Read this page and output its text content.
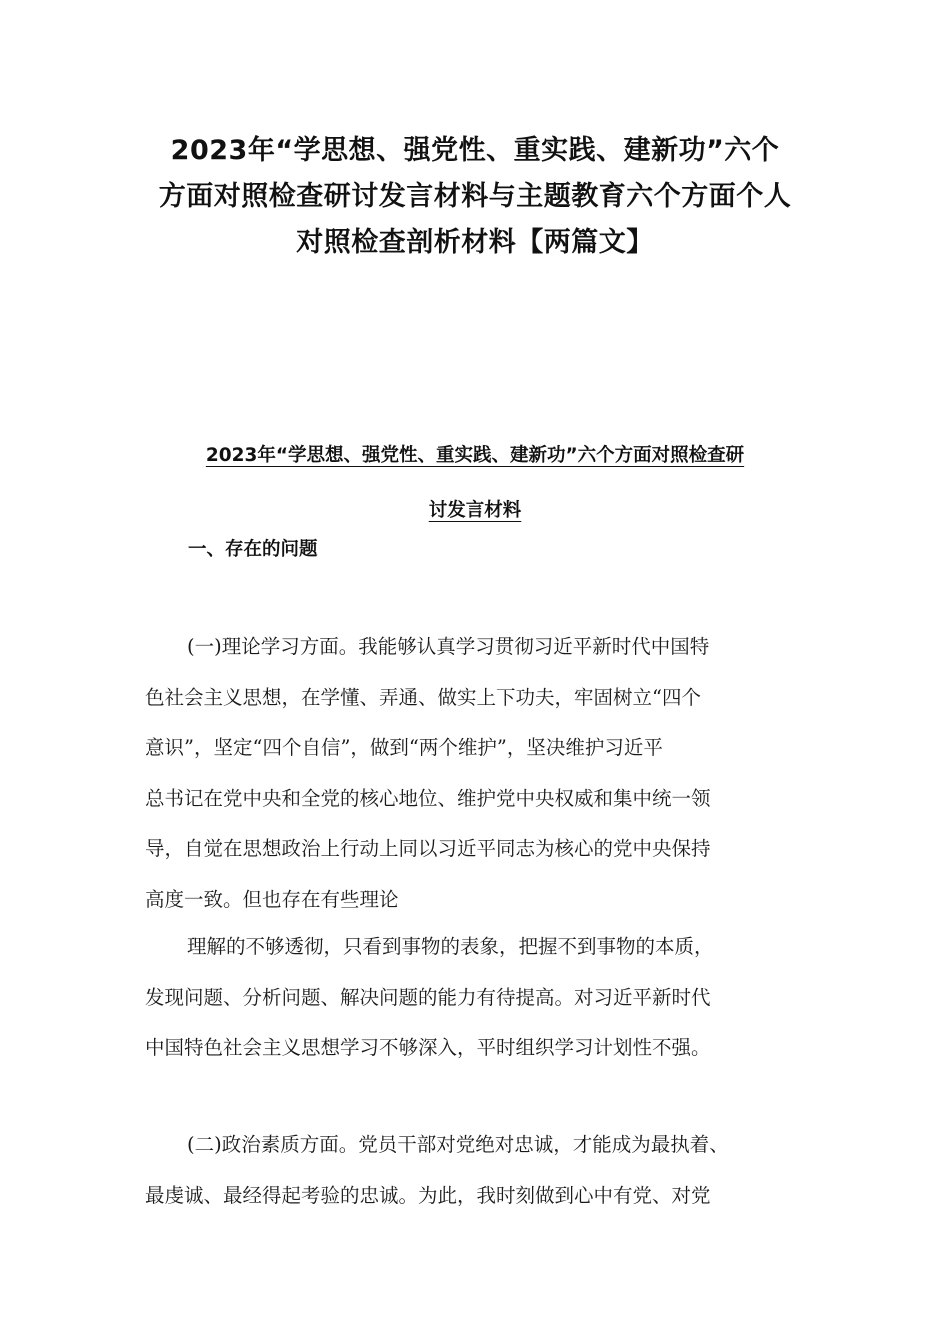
2023年“学思想、强党性、重实践、建新功”六个
方面对照检查研讨发言材料与主题教育六个方面个人
对照检查剖析材料【两篇文】
2023年“学思想、强党性、重实践、建新功”六个方面对照检查研
讨发言材料
一、存在的问题
(一)理论学习方面。我能够认真学习贯彻习近平新时代中国特
色社会主义思想，在学懂、弄通、做实上下功夫，牢固树立“四个
意识”，坚定“四个自信”，做到“两个维护”，坚决维护习近平
总书记在党中央和全党的核心地位、维护党中央权威和集中统一领
导，自觉在思想政治上行动上同以习近平同志为核心的党中央保持
高度一致。但也存在有些理论
理解的不够透彻，只看到事物的表象，把握不到事物的本质，
发现问题、分析问题、解决问题的能力有待提高。对习近平新时代
中国特色社会主义思想学习不够深入，平时组织学习计划性不强。
(二)政治素质方面。党员干部对党绝对忠诚，才能成为最执着、
最虔诚、最经得起考验的忠诚。为此，我时刻做到心中有党、对党
